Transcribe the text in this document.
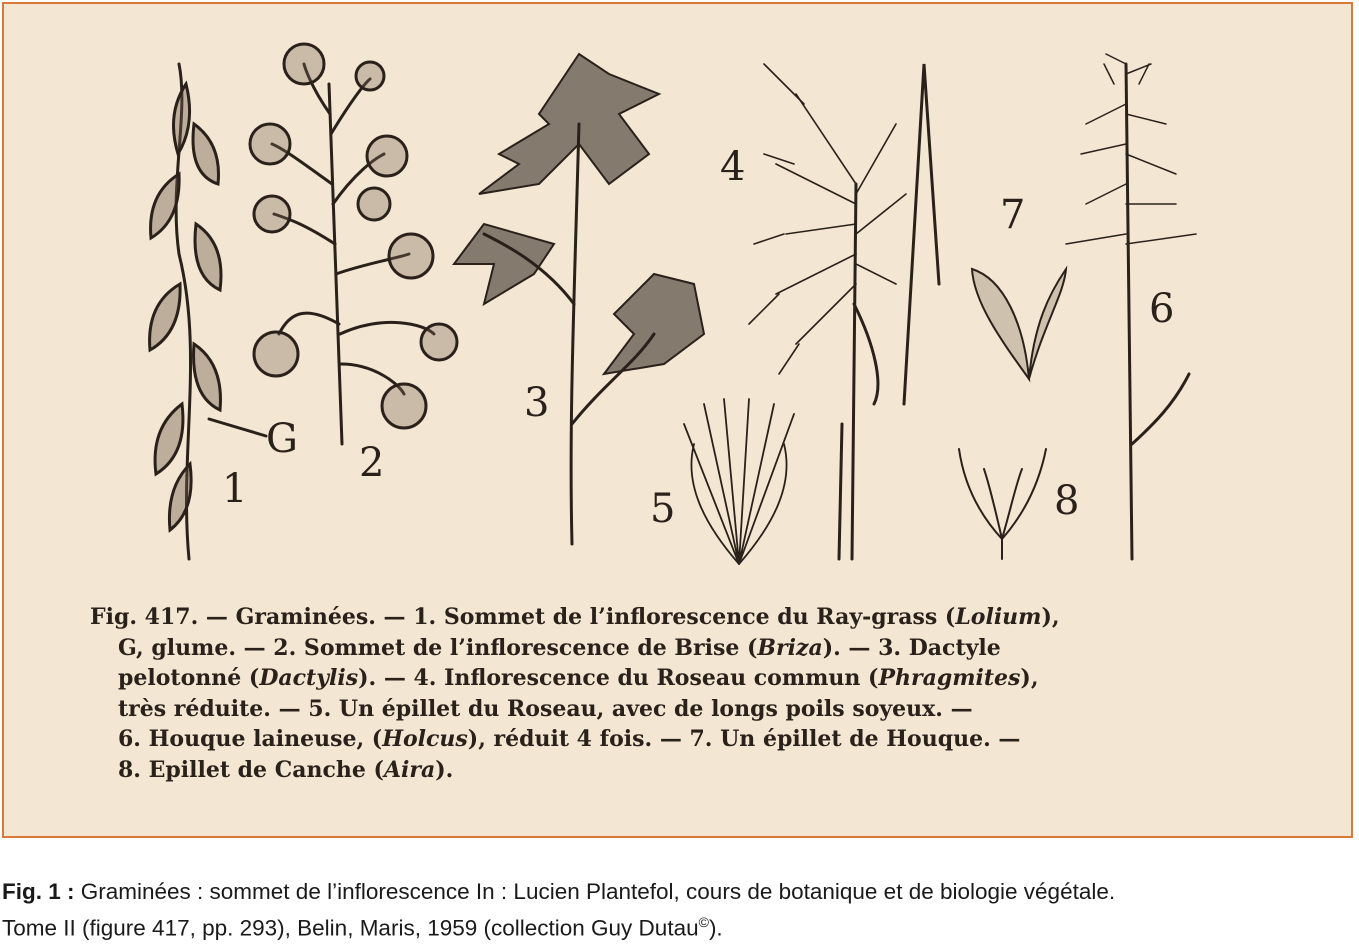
1
G
2
3
4
5
6
7
8
Fig. 417. — Graminées. — 1. Sommet de l’inflorescence du Ray-grass (Lolium),
G, glume. — 2. Sommet de l’inflorescence de Brise (Briza). — 3. Dactyle
pelotonné (Dactylis). — 4. Inflorescence du Roseau commun (Phragmites),
très réduite. — 5. Un épillet du Roseau, avec de longs poils soyeux. —
6. Houque laineuse, (Holcus), réduit 4 fois. — 7. Un épillet de Houque. —
8. Epillet de Canche (Aira).
Fig. 1 : Graminées : sommet de l’inflorescence In : Lucien Plantefol, cours de botanique et de biologie végétale.
Tome II (figure 417, pp. 293), Belin, Maris, 1959 (collection Guy Dutau©).
